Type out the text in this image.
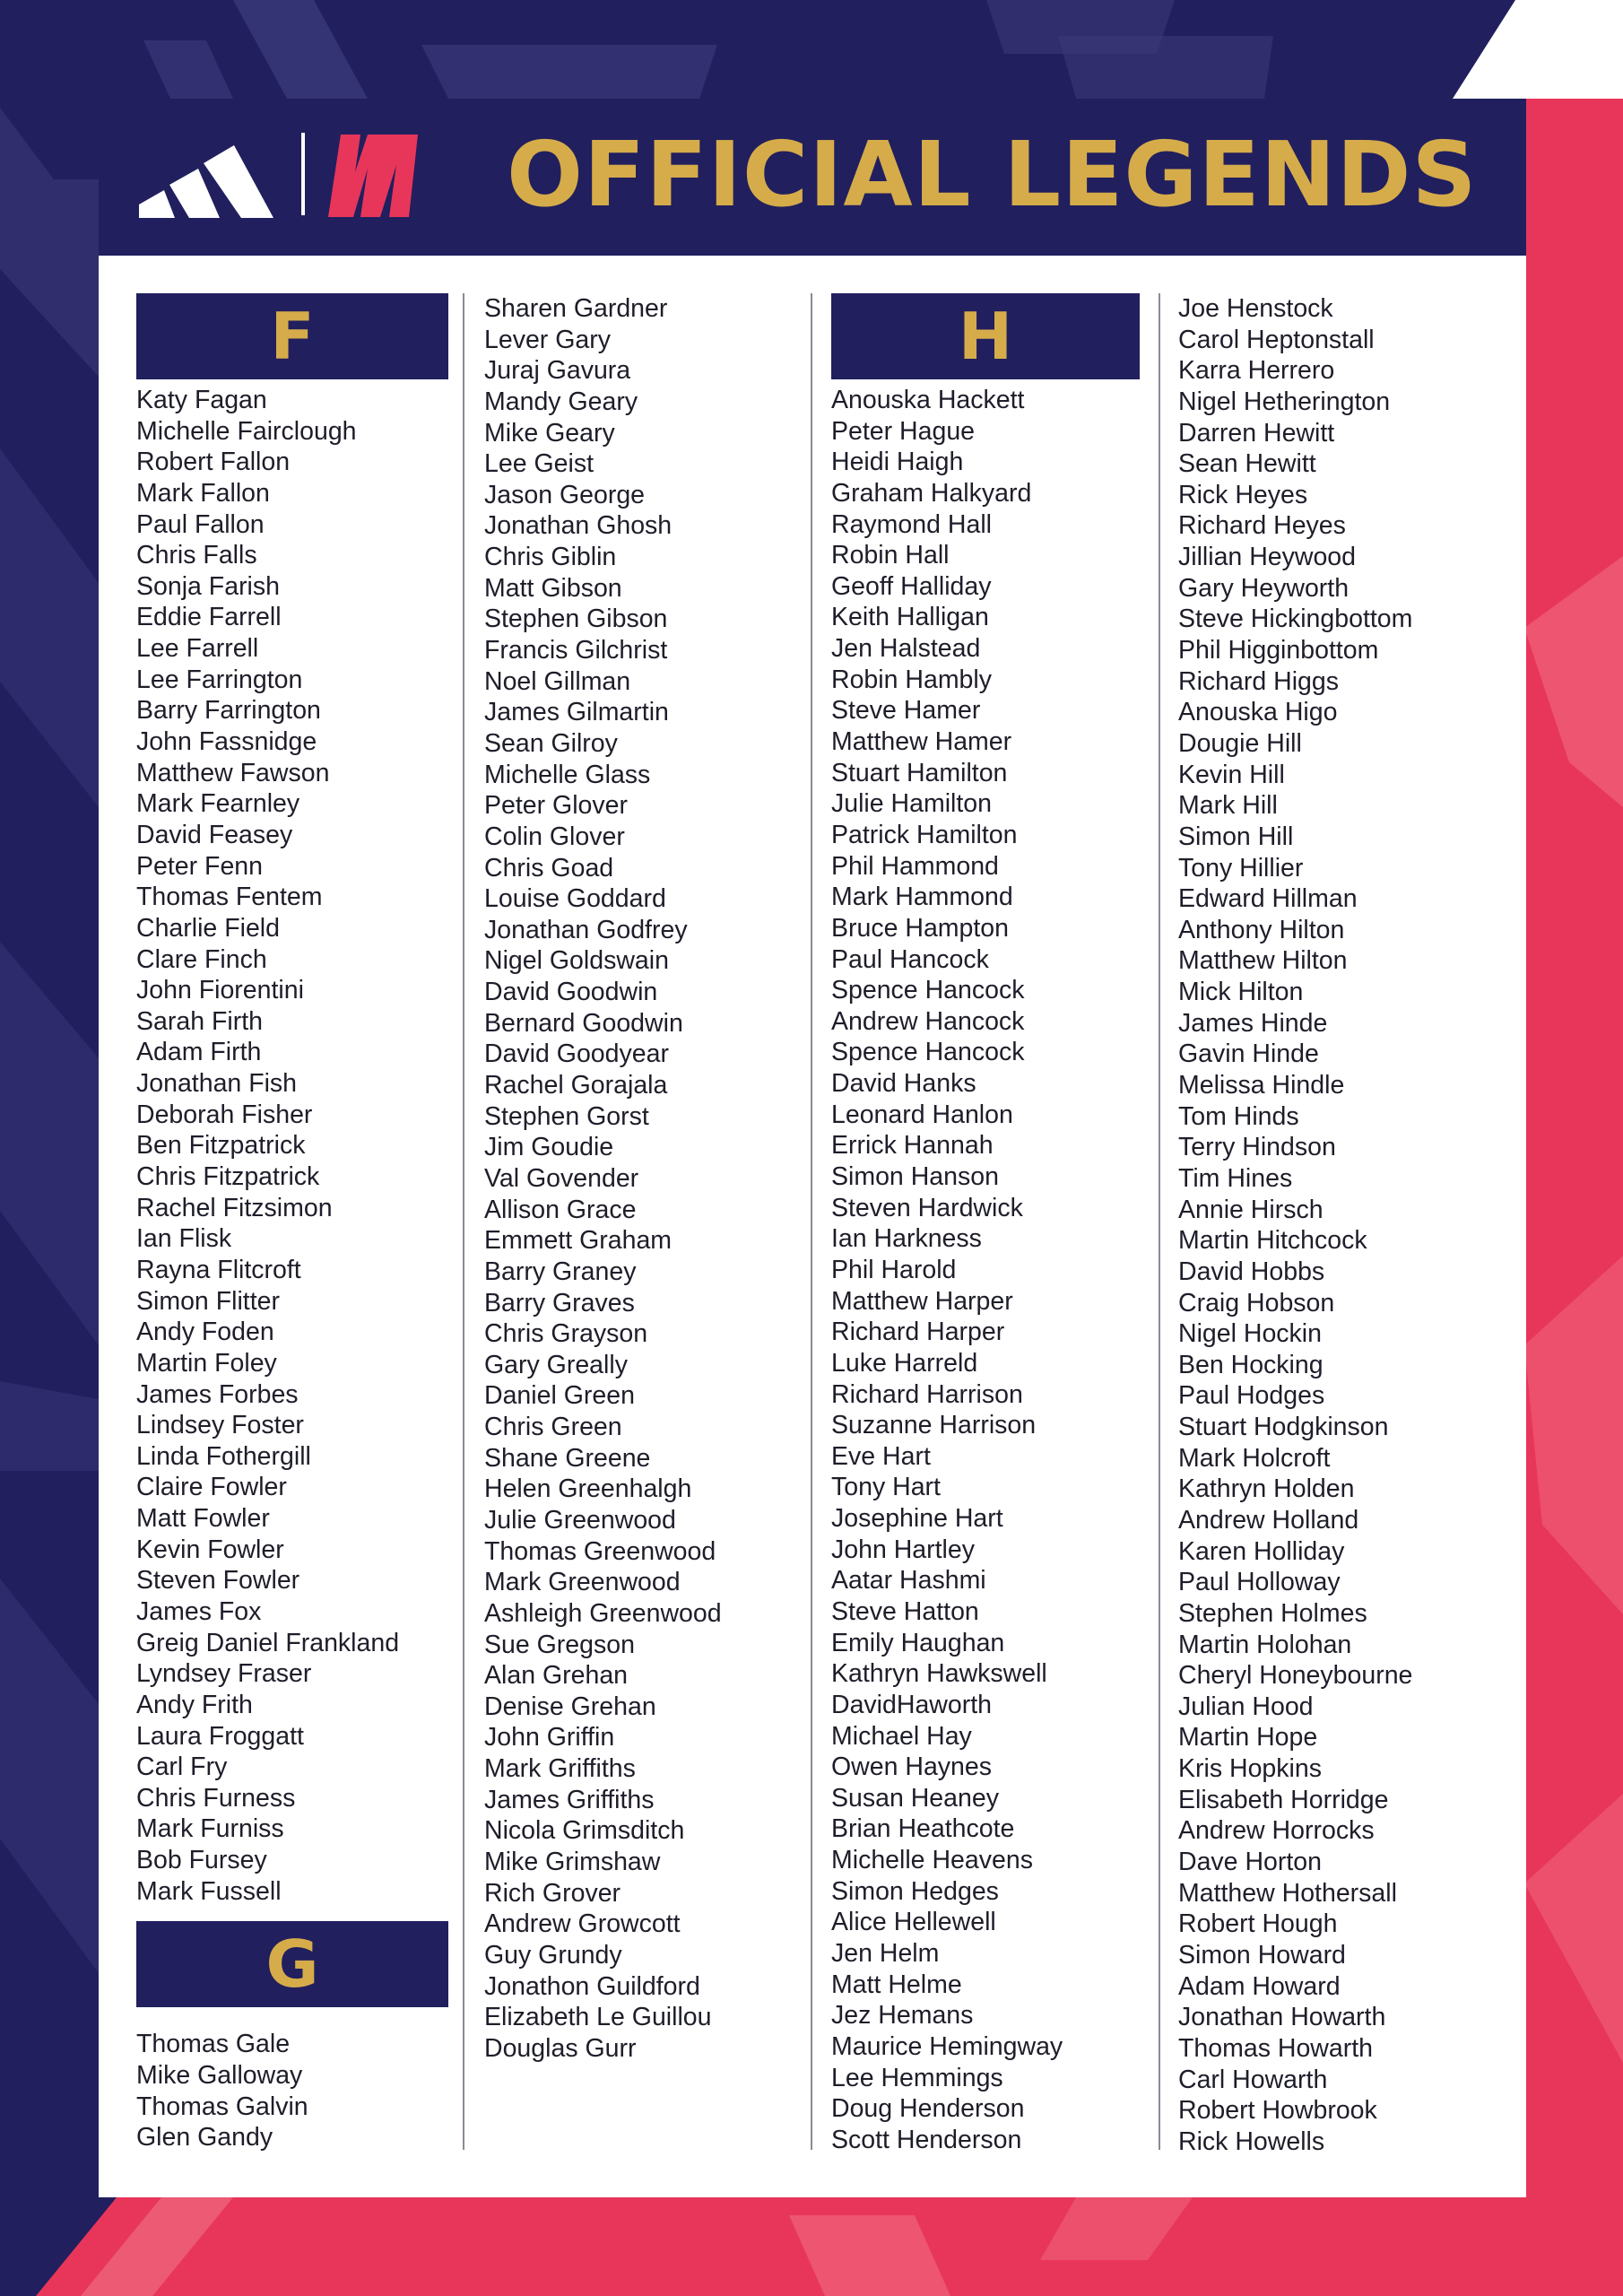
OFFICIAL LEGENDS
F
Katy Fagan
Michelle Fairclough
Robert Fallon
Mark Fallon
Paul Fallon
Chris Falls
Sonja Farish
Eddie Farrell
Lee Farrell
Lee Farrington
Barry Farrington
John Fassnidge
Matthew Fawson
Mark Fearnley
David Feasey
Peter Fenn
Thomas Fentem
Charlie Field
Clare Finch
John Fiorentini
Sarah Firth
Adam Firth
Jonathan Fish
Deborah Fisher
Ben Fitzpatrick
Chris Fitzpatrick
Rachel Fitzsimon
Ian Flisk
Rayna Flitcroft
Simon Flitter
Andy Foden
Martin Foley
James Forbes
Lindsey Foster
Linda Fothergill
Claire Fowler
Matt Fowler
Kevin Fowler
Steven Fowler
James Fox
Greig Daniel Frankland
Lyndsey Fraser
Andy Frith
Laura Froggatt
Carl Fry
Chris Furness
Mark Furniss
Bob Fursey
Mark Fussell
G
Thomas Gale
Mike Galloway
Thomas Galvin
Glen Gandy
Sharen Gardner
Lever Gary
Juraj Gavura
Mandy Geary
Mike Geary
Lee Geist
Jason George
Jonathan Ghosh
Chris Giblin
Matt Gibson
Stephen Gibson
Francis Gilchrist
Noel Gillman
James Gilmartin
Sean Gilroy
Michelle Glass
Peter Glover
Colin Glover
Chris Goad
Louise Goddard
Jonathan Godfrey
Nigel Goldswain
David Goodwin
Bernard Goodwin
David Goodyear
Rachel Gorajala
Stephen Gorst
Jim Goudie
Val Govender
Allison Grace
Emmett Graham
Barry Graney
Barry Graves
Chris Grayson
Gary Greally
Daniel Green
Chris Green
Shane Greene
Helen Greenhalgh
Julie Greenwood
Thomas Greenwood
Mark Greenwood
Ashleigh Greenwood
Sue Gregson
Alan Grehan
Denise Grehan
John Griffin
Mark Griffiths
James Griffiths
Nicola Grimsditch
Mike Grimshaw
Rich Grover
Andrew Growcott
Guy Grundy
Jonathon Guildford
Elizabeth Le Guillou
Douglas Gurr
H
Anouska Hackett
Peter Hague
Heidi Haigh
Graham Halkyard
Raymond Hall
Robin Hall
Geoff Halliday
Keith Halligan
Jen Halstead
Robin Hambly
Steve Hamer
Matthew Hamer
Stuart Hamilton
Julie Hamilton
Patrick Hamilton
Phil Hammond
Mark Hammond
Bruce Hampton
Paul Hancock
Spence Hancock
Andrew Hancock
Spence Hancock
David Hanks
Leonard Hanlon
Errick Hannah
Simon Hanson
Steven Hardwick
Ian Harkness
Phil Harold
Matthew Harper
Richard Harper
Luke Harreld
Richard Harrison
Suzanne Harrison
Eve Hart
Tony Hart
Josephine Hart
John Hartley
Aatar Hashmi
Steve Hatton
Emily Haughan
Kathryn Hawkswell
DavidHaworth
Michael Hay
Owen Haynes
Susan Heaney
Brian Heathcote
Michelle Heavens
Simon Hedges
Alice Hellewell
Jen Helm
Matt Helme
Jez Hemans
Maurice Hemingway
Lee Hemmings
Doug Henderson
Scott Henderson
Joe Henstock
Carol Heptonstall
Karra Herrero
Nigel Hetherington
Darren Hewitt
Sean Hewitt
Rick Heyes
Richard Heyes
Jillian Heywood
Gary Heyworth
Steve Hickingbottom
Phil Higginbottom
Richard Higgs
Anouska Higo
Dougie Hill
Kevin Hill
Mark Hill
Simon Hill
Tony Hillier
Edward Hillman
Anthony Hilton
Matthew Hilton
Mick Hilton
James Hinde
Gavin Hinde
Melissa Hindle
Tom Hinds
Terry Hindson
Tim Hines
Annie Hirsch
Martin Hitchcock
David Hobbs
Craig Hobson
Nigel Hockin
Ben Hocking
Paul Hodges
Stuart Hodgkinson
Mark Holcroft
Kathryn Holden
Andrew Holland
Karen Holliday
Paul Holloway
Stephen Holmes
Martin Holohan
Cheryl Honeybourne
Julian Hood
Martin Hope
Kris Hopkins
Elisabeth Horridge
Andrew Horrocks
Dave Horton
Matthew Hothersall
Robert Hough
Simon Howard
Adam Howard
Jonathan Howarth
Thomas Howarth
Carl Howarth
Robert Howbrook
Rick Howells
